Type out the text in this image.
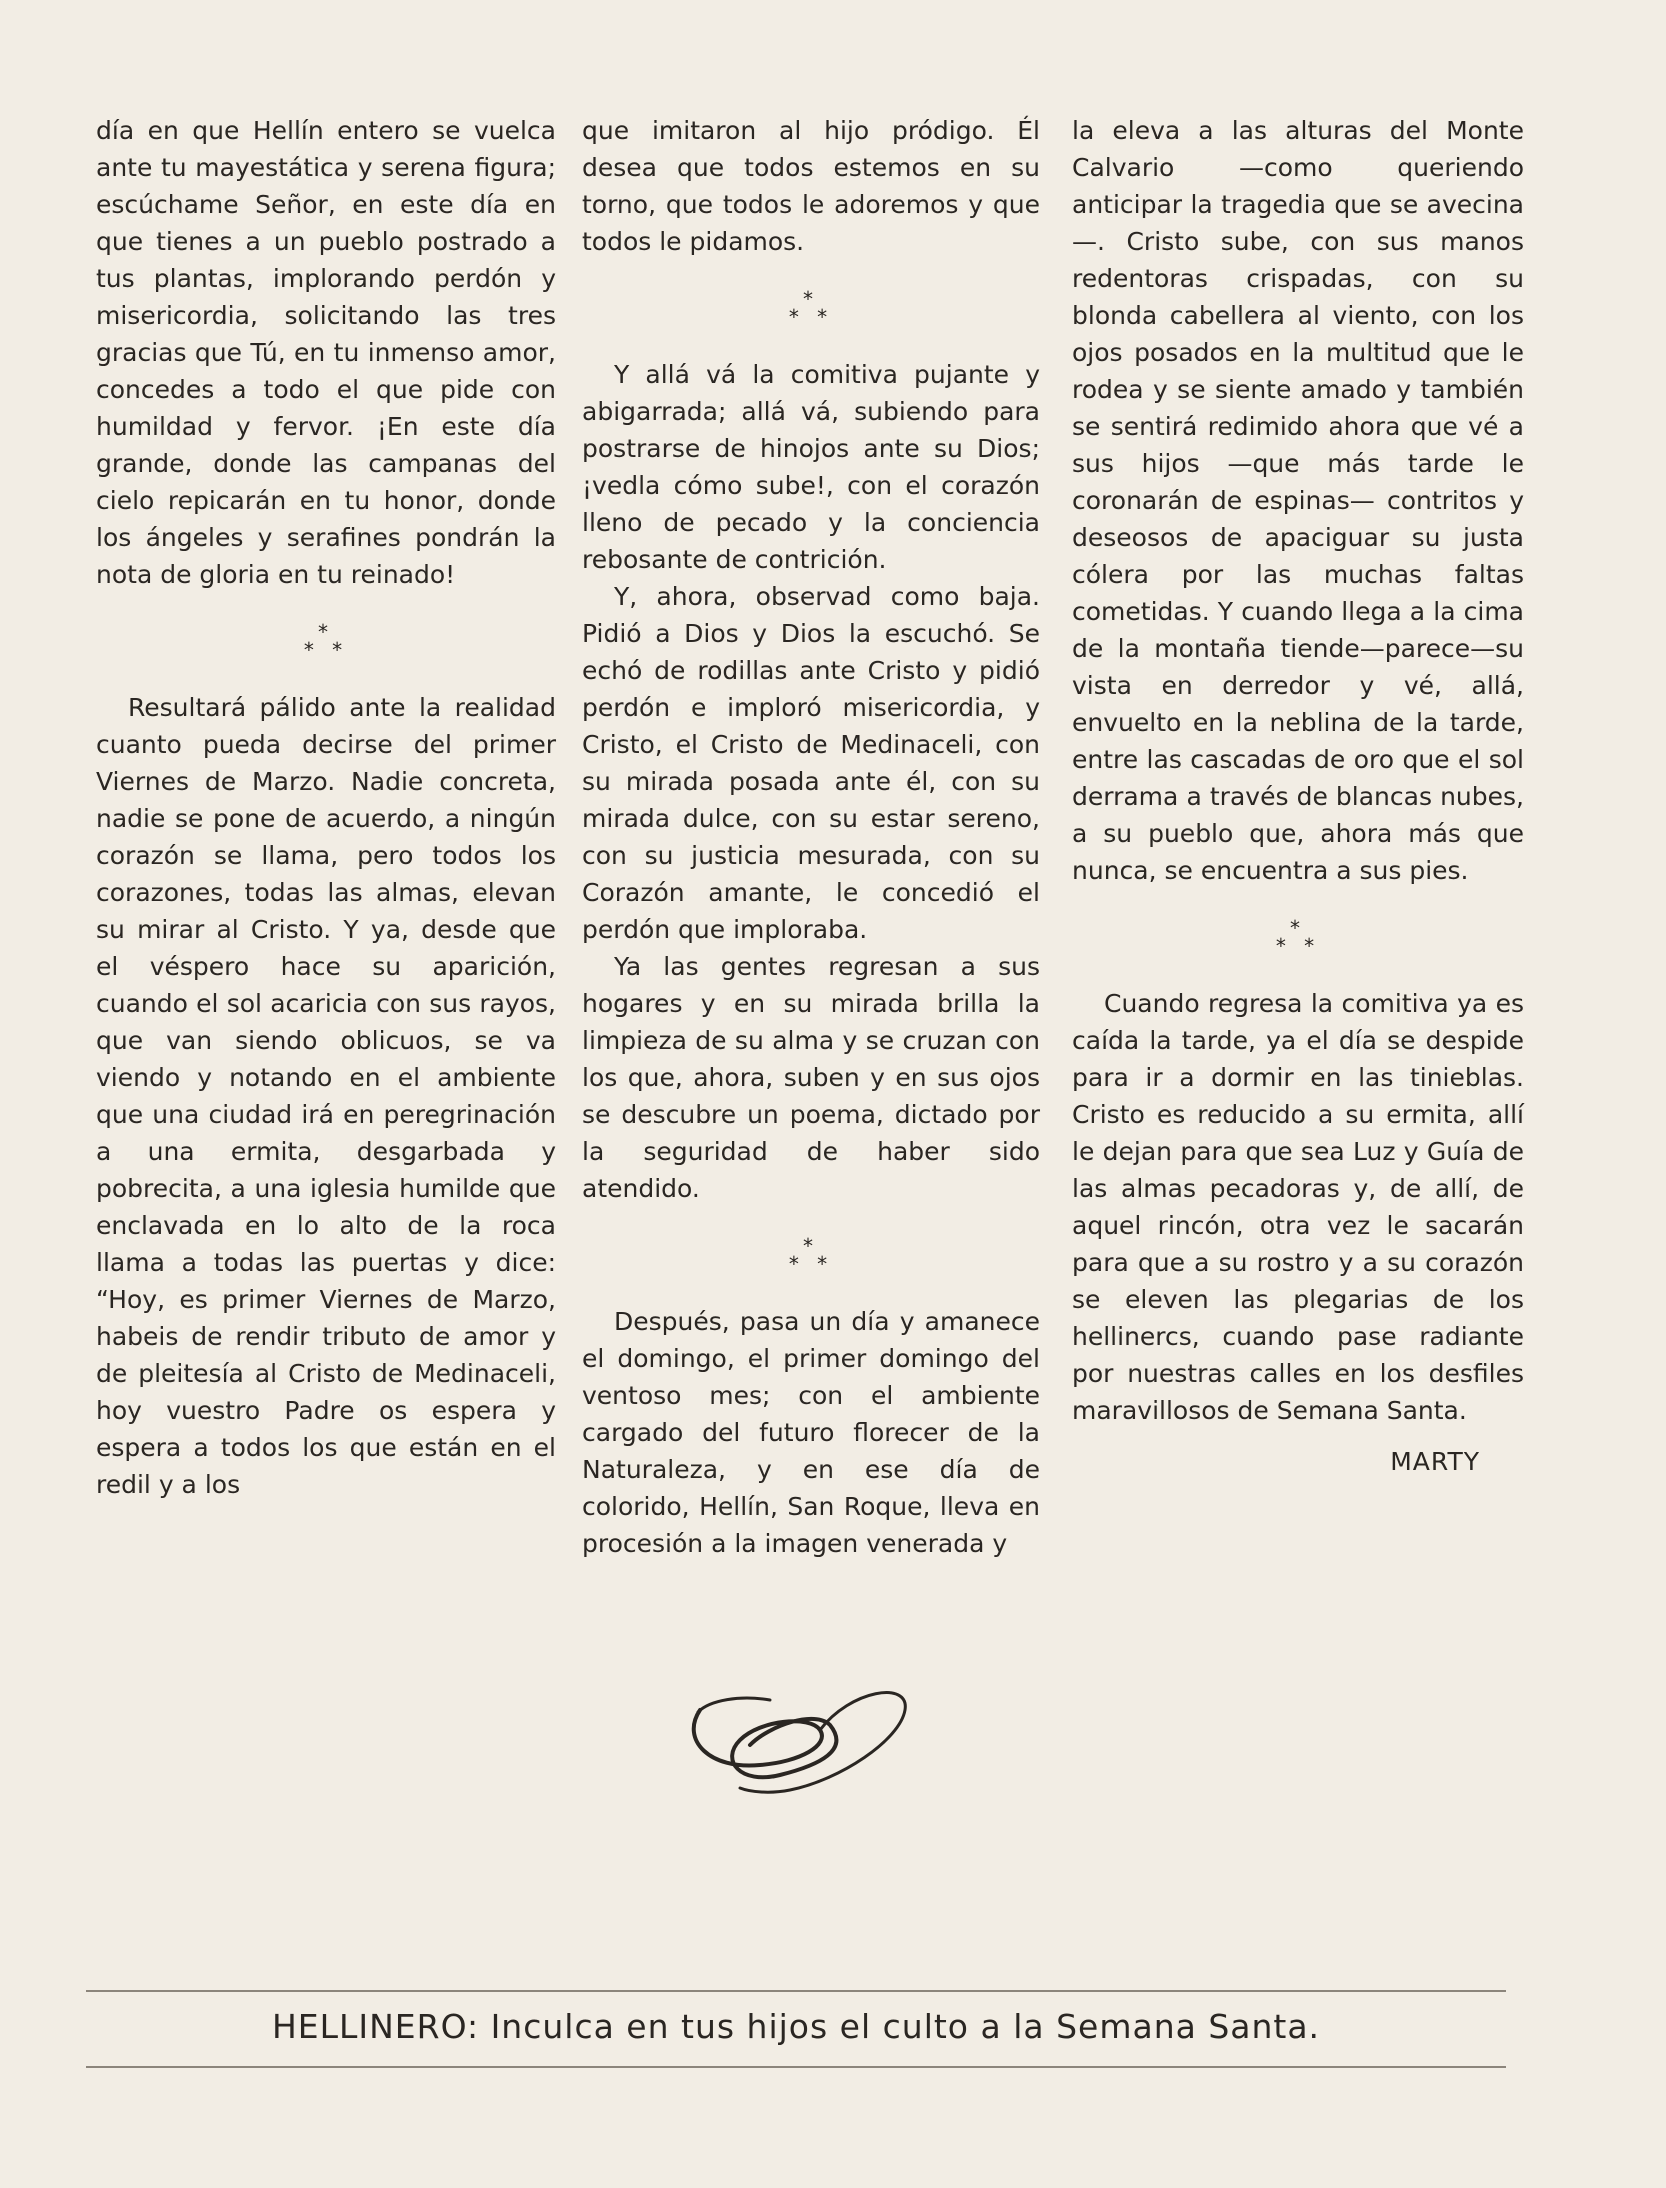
día en que Hellín entero se vuelca ante tu mayestática y serena figura; escúchame Señor, en este día en que tienes a un pueblo postrado a tus plantas, implorando perdón y misericordia, solicitando las tres gracias que Tú, en tu inmenso amor, concedes a todo el que pide con humildad y fervor. ¡En este día grande, donde las campanas del cielo repicarán en tu honor, donde los ángeles y serafines pondrán la nota de gloria en tu reinado!

*
* *

Resultará pálido ante la realidad cuanto pueda decirse del primer Viernes de Marzo. Nadie concreta, nadie se pone de acuerdo, a ningún corazón se llama, pero todos los corazones, todas las almas, elevan su mirar al Cristo. Y ya, desde que el véspero hace su aparición, cuando el sol acaricia con sus rayos, que van siendo oblicuos, se va viendo y notando en el ambiente que una ciudad irá en peregrinación a una ermita, desgarbada y pobrecita, a una iglesia humilde que enclavada en lo alto de la roca llama a todas las puertas y dice: “Hoy, es primer Viernes de Marzo, habeis de rendir tributo de amor y de pleitesía al Cristo de Medinaceli, hoy vuestro Padre os espera y espera a todos los que están en el redil y a los

que imitaron al hijo pródigo. Él desea que todos estemos en su torno, que todos le adoremos y que todos le pidamos.

*
* *

Y allá vá la comitiva pujante y abigarrada; allá vá, subiendo para postrarse de hinojos ante su Dios; ¡vedla cómo sube!, con el corazón lleno de pecado y la conciencia rebosante de contrición.

Y, ahora, observad como baja. Pidió a Dios y Dios la escuchó. Se echó de rodillas ante Cristo y pidió perdón e imploró misericordia, y Cristo, el Cristo de Medinaceli, con su mirada posada ante él, con su mirada dulce, con su estar sereno, con su justicia mesurada, con su Corazón amante, le concedió el perdón que imploraba.

Ya las gentes regresan a sus hogares y en su mirada brilla la limpieza de su alma y se cruzan con los que, ahora, suben y en sus ojos se descubre un poema, dictado por la seguridad de haber sido atendido.

*
* *

Después, pasa un día y amanece el domingo, el primer domingo del ventoso mes; con el ambiente cargado del futuro florecer de la Naturaleza, y en ese día de colorido, Hellín, San Roque, lleva en procesión a la imagen venerada y

la eleva a las alturas del Monte Calvario —como queriendo anticipar la tragedia que se avecina—. Cristo sube, con sus manos redentoras crispadas, con su blonda cabellera al viento, con los ojos posados en la multitud que le rodea y se siente amado y también se sentirá redimido ahora que vé a sus hijos —que más tarde le coronarán de espinas— contritos y deseosos de apaciguar su justa cólera por las muchas faltas cometidas. Y cuando llega a la cima de la montaña tiende—parece—su vista en derredor y vé, allá, envuelto en la neblina de la tarde, entre las cascadas de oro que el sol derrama a través de blancas nubes, a su pueblo que, ahora más que nunca, se encuentra a sus pies.

*
* *

Cuando regresa la comitiva ya es caída la tarde, ya el día se despide para ir a dormir en las tinieblas. Cristo es reducido a su ermita, allí le dejan para que sea Luz y Guía de las almas pecadoras y, de allí, de aquel rincón, otra vez le sacarán para que a su rostro y a su corazón se eleven las plegarias de los hellinercs, cuando pase radiante por nuestras calles en los desfiles maravillosos de Semana Santa.

MARTY
HELLINERO: Inculca en tus hijos el culto a la Semana Santa.
